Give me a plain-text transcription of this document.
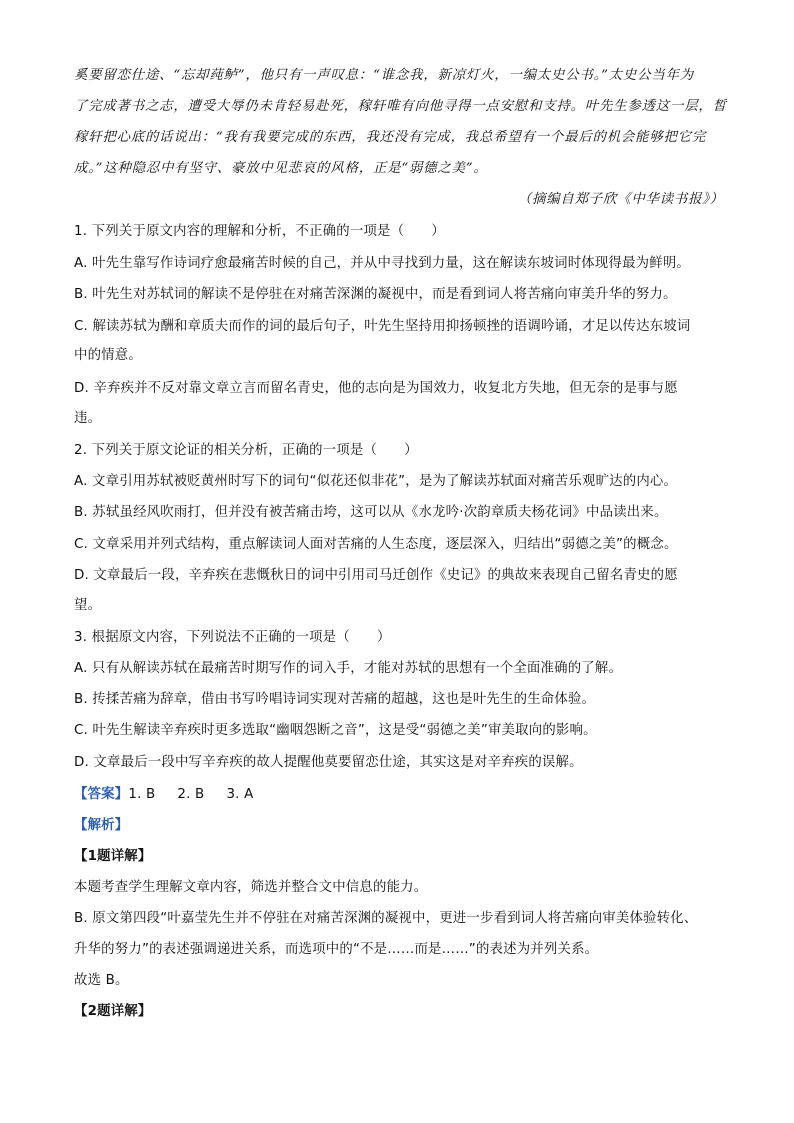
奚要留恋仕途、“忘却莼鲈”，他只有一声叹息：“谁念我，新凉灯火，一编太史公书。”太史公当年为
了完成著书之志，遭受大辱仍未肯轻易赴死，稼轩唯有向他寻得一点安慰和支持。叶先生参透这一层，皙
稼轩把心底的话说出：“我有我要完成的东西，我还没有完成，我总希望有一个最后的机会能够把它完
成。”这种隐忍中有坚守、豪放中见悲哀的风格，正是“弱德之美”。
（摘编自郑子欣《中华读书报》）
1. 下列关于原文内容的理解和分析，不正确的一项是（　　）
A. 叶先生靠写作诗词疗愈最痛苦时候的自己，并从中寻找到力量，这在解读东坡词时体现得最为鲜明。
B. 叶先生对苏轼词的解读不是停驻在对痛苦深渊的凝视中，而是看到词人将苦痛向审美升华的努力。
C. 解读苏轼为酬和章质夫而作的词的最后句子，叶先生坚持用抑扬顿挫的语调吟诵，才足以传达东坡词
中的情意。
D. 辛弃疾并不反对靠文章立言而留名青史，他的志向是为国效力，收复北方失地，但无奈的是事与愿
违。
2. 下列关于原文论证的相关分析，正确的一项是（　　）
A. 文章引用苏轼被贬黄州时写下的词句“似花还似非花”，是为了解读苏轼面对痛苦乐观旷达的内心。
B. 苏轼虽经风吹雨打，但并没有被苦痛击垮，这可以从《水龙吟·次韵章质夫杨花词》中品读出来。
C. 文章采用并列式结构，重点解读词人面对苦痛的人生态度，逐层深入，归结出“弱德之美”的概念。
D. 文章最后一段，辛弃疾在悲慨秋日的词中引用司马迁创作《史记》的典故来表现自己留名青史的愿
望。
3. 根据原文内容，下列说法不正确的一项是（　　）
A. 只有从解读苏轼在最痛苦时期写作的词入手，才能对苏轼的思想有一个全面准确的了解。
B. 抟揉苦痛为辞章，借由书写吟唱诗词实现对苦痛的超越，这也是叶先生的生命体验。
C. 叶先生解读辛弃疾时更多选取“幽咽怨断之音”，这是受“弱德之美”审美取向的影响。
D. 文章最后一段中写辛弃疾的故人提醒他莫要留恋仕途，其实这是对辛弃疾的误解。
【答案】1. B 2. B 3. A
【解析】
【1题详解】
本题考查学生理解文章内容，筛选并整合文中信息的能力。
B. 原文第四段“叶嘉莹先生并不停驻在对痛苦深渊的凝视中，更进一步看到词人将苦痛向审美体验转化、
升华的努力”的表述强调递进关系，而选项中的“不是……而是……”的表述为并列关系。
故选 B。
【2题详解】
